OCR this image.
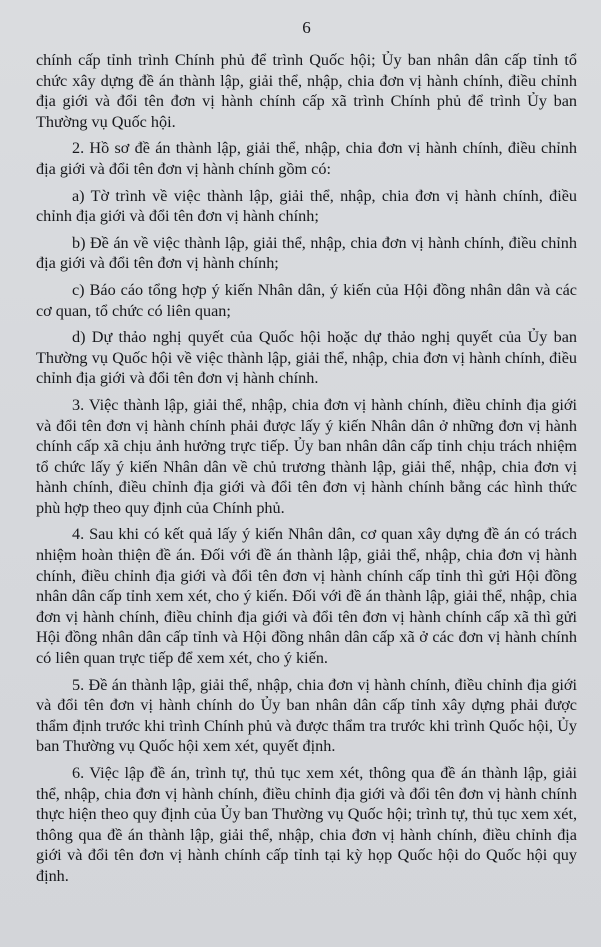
6

chính cấp tỉnh trình Chính phủ để trình Quốc hội; Ủy ban nhân dân cấp tỉnh tổ chức xây dựng đề án thành lập, giải thể, nhập, chia đơn vị hành chính, điều chỉnh địa giới và đổi tên đơn vị hành chính cấp xã trình Chính phủ để trình Ủy ban Thường vụ Quốc hội.

2. Hồ sơ đề án thành lập, giải thể, nhập, chia đơn vị hành chính, điều chỉnh địa giới và đổi tên đơn vị hành chính gồm có:

a) Tờ trình về việc thành lập, giải thể, nhập, chia đơn vị hành chính, điều chỉnh địa giới và đổi tên đơn vị hành chính;

b) Đề án về việc thành lập, giải thể, nhập, chia đơn vị hành chính, điều chỉnh địa giới và đổi tên đơn vị hành chính;

c) Báo cáo tổng hợp ý kiến Nhân dân, ý kiến của Hội đồng nhân dân và các cơ quan, tổ chức có liên quan;

d) Dự thảo nghị quyết của Quốc hội hoặc dự thảo nghị quyết của Ủy ban Thường vụ Quốc hội về việc thành lập, giải thể, nhập, chia đơn vị hành chính, điều chỉnh địa giới và đổi tên đơn vị hành chính.

3. Việc thành lập, giải thể, nhập, chia đơn vị hành chính, điều chỉnh địa giới và đổi tên đơn vị hành chính phải được lấy ý kiến Nhân dân ở những đơn vị hành chính cấp xã chịu ảnh hưởng trực tiếp. Ủy ban nhân dân cấp tỉnh chịu trách nhiệm tổ chức lấy ý kiến Nhân dân về chủ trương thành lập, giải thể, nhập, chia đơn vị hành chính, điều chỉnh địa giới và đổi tên đơn vị hành chính bằng các hình thức phù hợp theo quy định của Chính phủ.

4. Sau khi có kết quả lấy ý kiến Nhân dân, cơ quan xây dựng đề án có trách nhiệm hoàn thiện đề án. Đối với đề án thành lập, giải thể, nhập, chia đơn vị hành chính, điều chỉnh địa giới và đổi tên đơn vị hành chính cấp tỉnh thì gửi Hội đồng nhân dân cấp tỉnh xem xét, cho ý kiến. Đối với đề án thành lập, giải thể, nhập, chia đơn vị hành chính, điều chỉnh địa giới và đổi tên đơn vị hành chính cấp xã thì gửi Hội đồng nhân dân cấp tỉnh và Hội đồng nhân dân cấp xã ở các đơn vị hành chính có liên quan trực tiếp để xem xét, cho ý kiến.

5. Đề án thành lập, giải thể, nhập, chia đơn vị hành chính, điều chỉnh địa giới và đổi tên đơn vị hành chính do Ủy ban nhân dân cấp tỉnh xây dựng phải được thẩm định trước khi trình Chính phủ và được thẩm tra trước khi trình Quốc hội, Ủy ban Thường vụ Quốc hội xem xét, quyết định.

6. Việc lập đề án, trình tự, thủ tục xem xét, thông qua đề án thành lập, giải thể, nhập, chia đơn vị hành chính, điều chỉnh địa giới và đổi tên đơn vị hành chính thực hiện theo quy định của Ủy ban Thường vụ Quốc hội; trình tự, thủ tục xem xét, thông qua đề án thành lập, giải thể, nhập, chia đơn vị hành chính, điều chỉnh địa giới và đổi tên đơn vị hành chính cấp tỉnh tại kỳ họp Quốc hội do Quốc hội quy định.
